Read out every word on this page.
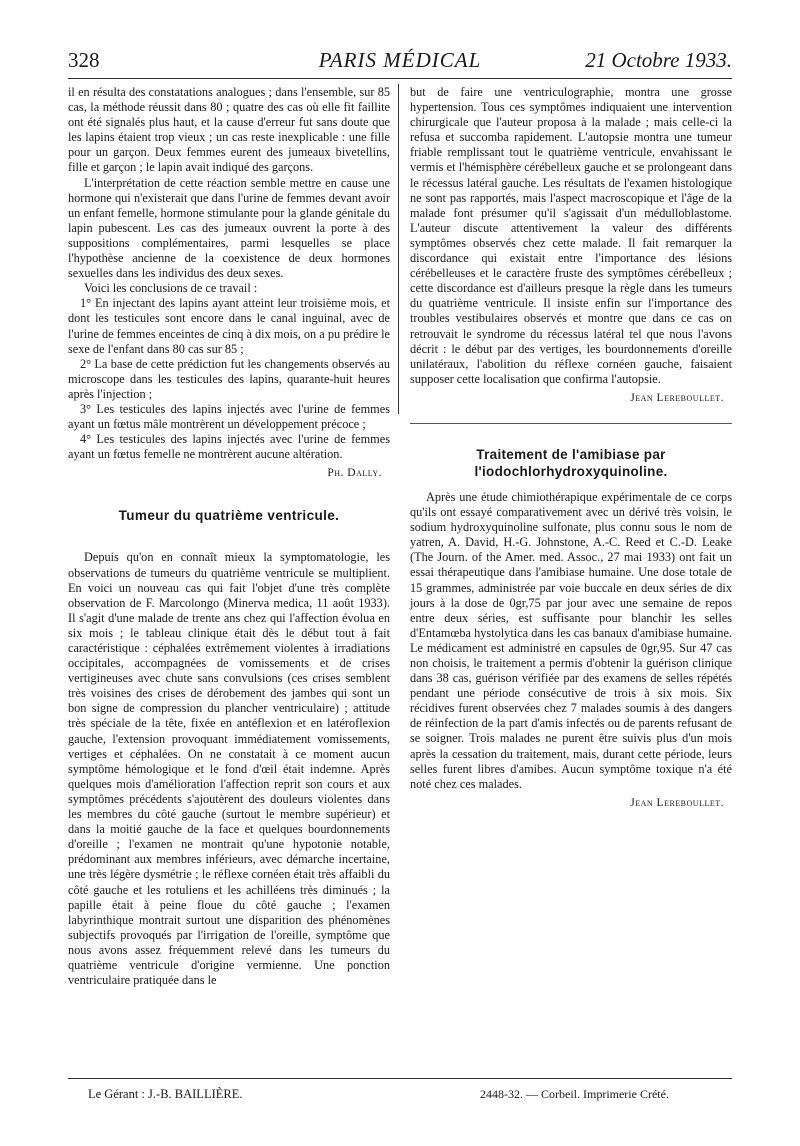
328	PARIS MÉDICAL	21 Octobre 1933.

il en résulta des constatations analogues ; dans l'ensemble, sur 85 cas, la méthode réussit dans 80 ; quatre des cas où elle fit faillite ont été signalés plus haut, et la cause d'erreur fut sans doute que les lapins étaient trop vieux ; un cas reste inexplicable : une fille pour un garçon. Deux femmes eurent des jumeaux bivetellins, fille et garçon ; le lapin avait indiqué des garçons.

L'interprétation de cette réaction semble mettre en cause une hormone qui n'existerait que dans l'urine de femmes devant avoir un enfant femelle, hormone stimulante pour la glande génitale du lapin pubescent. Les cas des jumeaux ouvrent la porte à des suppositions complémentaires, parmi lesquelles se place l'hypothèse ancienne de la coexistence de deux hormones sexuelles dans les individus des deux sexes.

Voici les conclusions de ce travail :

1° En injectant des lapins ayant atteint leur troisième mois, et dont les testicules sont encore dans le canal inguinal, avec de l'urine de femmes enceintes de cinq à dix mois, on a pu prédire le sexe de l'enfant dans 80 cas sur 85 ;

2° La base de cette prédiction fut les changements observés au microscope dans les testicules des lapins, quarante-huit heures après l'injection ;

3° Les testicules des lapins injectés avec l'urine de femmes ayant un fœtus mâle montrèrent un développement précoce ;

4° Les testicules des lapins injectés avec l'urine de femmes ayant un fœtus femelle ne montrèrent aucune altération.

Ph. Dally.
Tumeur du quatrième ventricule.

Depuis qu'on en connaît mieux la symptomatologie, les observations de tumeurs du quatrième ventricule se multiplient. En voici un nouveau cas qui fait l'objet d'une très complète observation de F. Marcolongo (Minerva medica, 11 août 1933). Il s'agit d'une malade de trente ans chez qui l'affection évolua en six mois ; le tableau clinique était dès le début tout à fait caractéristique : céphalées extrêmement violentes à irradiations occipitales, accompagnées de vomissements et de crises vertigineuses avec chute sans convulsions (ces crises semblent très voisines des crises de dérobement des jambes qui sont un bon signe de compression du plancher ventriculaire) ; attitude très spéciale de la tête, fixée en antéflexion et en latéroflexion gauche, l'extension provoquant immédiatement vomissements, vertiges et céphalées. On ne constatait à ce moment aucun symptôme hémologique et le fond d'œil était indemne. Après quelques mois d'amélioration l'affection reprit son cours et aux symptômes précédents s'ajoutèrent des douleurs violentes dans les membres du côté gauche (surtout le membre supérieur) et dans la moitié gauche de la face et quelques bourdonnements d'oreille ; l'examen ne montrait qu'une hypotonie notable, prédominant aux membres inférieurs, avec démarche incertaine, une très légère dysmétrie ; le réflexe cornéen était très affaibli du côté gauche et les rotuliens et les achilléens très diminués ; la papille était à peine floue du côté gauche ; l'examen labyrinthique montrait surtout une disparition des phénomènes subjectifs provoqués par l'irrigation de l'oreille, symptôme que nous avons assez fréquemment relevé dans les tumeurs du quatrième ventricule d'origine vermienne. Une ponction ventriculaire pratiquée dans le

but de faire une ventriculographie, montra une grosse hypertension. Tous ces symptômes indiquaient une intervention chirurgicale que l'auteur proposa à la malade ; mais celle-ci la refusa et succomba rapidement. L'autopsie montra une tumeur friable remplissant tout le quatrième ventricule, envahissant le vermis et l'hémisphère cérébelleux gauche et se prolongeant dans le récessus latéral gauche. Les résultats de l'examen histologique ne sont pas rapportés, mais l'aspect macroscopique et l'âge de la malade font présumer qu'il s'agissait d'un médulloblastome. L'auteur discute attentivement la valeur des différents symptômes observés chez cette malade. Il fait remarquer la discordance qui existait entre l'importance des lésions cérébelleuses et le caractère fruste des symptômes cérébelleux ; cette discordance est d'ailleurs presque la règle dans les tumeurs du quatrième ventricule. Il insiste enfin sur l'importance des troubles vestibulaires observés et montre que dans ce cas on retrouvait le syndrome du récessus latéral tel que nous l'avons décrit : le début par des vertiges, les bourdonnements d'oreille unilatéraux, l'abolition du réflexe cornéen gauche, faisaient supposer cette localisation que confirma l'autopsie.

Jean Lereboullet.
Traitement de l'amibiase par l'iodochlorhydroxyquinoline.

Après une étude chimiothérapique expérimentale de ce corps qu'ils ont essayé comparativement avec un dérivé très voisin, le sodium hydroxyquinoline sulfonate, plus connu sous le nom de yatren, A. David, H.-G. Johnstone, A.-C. Reed et C.-D. Leake (The Journ. of the Amer. med. Assoc., 27 mai 1933) ont fait un essai thérapeutique dans l'amibiase humaine. Une dose totale de 15 grammes, administrée par voie buccale en deux séries de dix jours à la dose de 0gr,75 par jour avec une semaine de repos entre deux séries, est suffisante pour blanchir les selles d'Entamœba hystolytica dans les cas banaux d'amibiase humaine. Le médicament est administré en capsules de 0gr,95. Sur 47 cas non choisis, le traitement a permis d'obtenir la guérison clinique dans 38 cas, guérison vérifiée par des examens de selles répétés pendant une période consécutive de trois à six mois. Six récidives furent observées chez 7 malades soumis à des dangers de réinfection de la part d'amis infectés ou de parents refusant de se soigner. Trois malades ne purent être suivis plus d'un mois après la cessation du traitement, mais, durant cette période, leurs selles furent libres d'amibes. Aucun symptôme toxique n'a été noté chez ces malades.

Jean Lereboullet.
Le Gérant : J.-B. BAILLIÈRE.	2448-32. — Corbeil. Imprimerie Crété.
